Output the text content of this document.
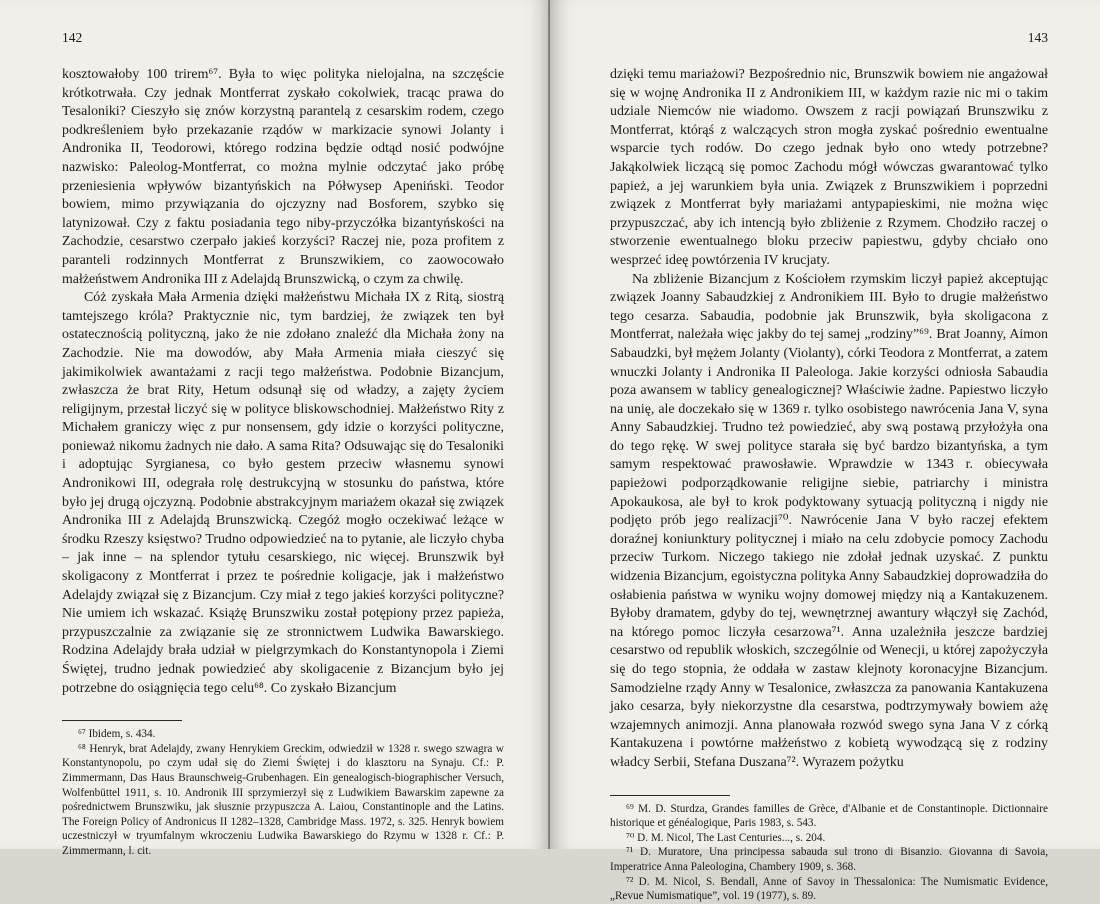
142

kosztowałoby 100 trirem⁶⁷. Była to więc polityka nielojalna, na szczęście krótkotrwała. Czy jednak Montferrat zyskało cokolwiek, tracąc prawa do Tesaloniki? Cieszyło się znów korzystną parantelą z cesarskim rodem, czego podkreśleniem było przekazanie rządów w markizacie synowi Jolanty i Andronika II, Teodorowi, którego rodzina będzie odtąd nosić podwójne nazwisko: Paleolog-Montferrat, co można mylnie odczytać jako próbę przeniesienia wpływów bizantyńskich na Półwysep Apeniński. Teodor bowiem, mimo przywiązania do ojczyzny nad Bosforem, szybko się latynizował. Czy z faktu posiadania tego niby-przyczółka bizantyńskości na Zachodzie, cesarstwo czerpało jakieś korzyści? Raczej nie, poza profitem z paranteli rodzinnych Montferrat z Brunszwikiem, co zaowocowało małżeństwem Andronika III z Adelajdą Brunszwicką, o czym za chwilę.

Cóż zyskała Mała Armenia dzięki małżeństwu Michała IX z Ritą, siostrą tamtejszego króla? Praktycznie nic, tym bardziej, że związek ten był ostatecznością polityczną, jako że nie zdołano znaleźć dla Michała żony na Zachodzie. Nie ma dowodów, aby Mała Armenia miała cieszyć się jakimikolwiek awantażami z racji tego małżeństwa. Podobnie Bizancjum, zwłaszcza że brat Rity, Hetum odsunął się od władzy, a zajęty życiem religijnym, przestał liczyć się w polityce bliskowschodniej. Małżeństwo Rity z Michałem graniczy więc z pur nonsensem, gdy idzie o korzyści polityczne, ponieważ nikomu żadnych nie dało. A sama Rita? Odsuwając się do Tesaloniki i adoptując Syrgianesa, co było gestem przeciw własnemu synowi Andronikowi III, odegrała rolę destrukcyjną w stosunku do państwa, które było jej drugą ojczyzną. Podobnie abstrakcyjnym mariażem okazał się związek Andronika III z Adelajdą Brunszwicką. Czegóż mogło oczekiwać leżące w środku Rzeszy księstwo? Trudno odpowiedzieć na to pytanie, ale liczyło chyba – jak inne – na splendor tytułu cesarskiego, nic więcej. Brunszwik był skoligacony z Montferrat i przez te pośrednie koligacje, jak i małżeństwo Adelajdy związał się z Bizancjum. Czy miał z tego jakieś korzyści polityczne? Nie umiem ich wskazać. Książę Brunszwiku został potępiony przez papieża, przypuszczalnie za związanie się ze stronnictwem Ludwika Bawarskiego. Rodzina Adelajdy brała udział w pielgrzymkach do Konstantynopola i Ziemi Świętej, trudno jednak powiedzieć aby skoligacenie z Bizancjum było jej potrzebne do osiągnięcia tego celu⁶⁸. Co zyskało Bizancjum

⁶⁷ Ibidem, s. 434.

⁶⁸ Henryk, brat Adelajdy, zwany Henrykiem Greckim, odwiedził w 1328 r. swego szwagra w Konstantynopolu, po czym udał się do Ziemi Świętej i do klasztoru na Synaju. Cf.: P. Zimmermann, Das Haus Braunschweig-Grubenhagen. Ein genealogisch-biographischer Versuch, Wolfenbüttel 1911, s. 10. Andronik III sprzymierzył się z Ludwikiem Bawarskim zapewne za pośrednictwem Brunszwiku, jak słusznie przypuszcza A. Laiou, Constantinople and the Latins. The Foreign Policy of Andronicus II 1282–1328, Cambridge Mass. 1972, s. 325. Henryk bowiem uczestniczył w tryumfalnym wkroczeniu Ludwika Bawarskiego do Rzymu w 1328 r. Cf.: P. Zimmermann, l. cit.

143

dzięki temu mariażowi? Bezpośrednio nic, Brunszwik bowiem nie angażował się w wojnę Andronika II z Andronikiem III, w każdym razie nic mi o takim udziale Niemców nie wiadomo. Owszem z racji powiązań Brunszwiku z Montferrat, którąś z walczących stron mogła zyskać pośrednio ewentualne wsparcie tych rodów. Do czego jednak było ono wtedy potrzebne? Jakąkolwiek liczącą się pomoc Zachodu mógł wówczas gwarantować tylko papież, a jej warunkiem była unia. Związek z Brunszwikiem i poprzedni związek z Montferrat były mariażami antypapieskimi, nie można więc przypuszczać, aby ich intencją było zbliżenie z Rzymem. Chodziło raczej o stworzenie ewentualnego bloku przeciw papiestwu, gdyby chciało ono wesprzeć ideę powtórzenia IV krucjaty.

Na zbliżenie Bizancjum z Kościołem rzymskim liczył papież akceptując związek Joanny Sabaudzkiej z Andronikiem III. Było to drugie małżeństwo tego cesarza. Sabaudia, podobnie jak Brunszwik, była skoligacona z Montferrat, należała więc jakby do tej samej „rodziny”⁶⁹. Brat Joanny, Aimon Sabaudzki, był mężem Jolanty (Violanty), córki Teodora z Montferrat, a zatem wnuczki Jolanty i Andronika II Paleologa. Jakie korzyści odniosła Sabaudia poza awansem w tablicy genealogicznej? Właściwie żadne. Papiestwo liczyło na unię, ale doczekało się w 1369 r. tylko osobistego nawrócenia Jana V, syna Anny Sabaudzkiej. Trudno też powiedzieć, aby swą postawą przyłożyła ona do tego rękę. W swej polityce starała się być bardzo bizantyńska, a tym samym respektować prawosławie. Wprawdzie w 1343 r. obiecywała papieżowi podporządkowanie religijne siebie, patriarchy i ministra Apokaukosa, ale był to krok podyktowany sytuacją polityczną i nigdy nie podjęto prób jego realizacji⁷⁰. Nawrócenie Jana V było raczej efektem doraźnej koniunktury politycznej i miało na celu zdobycie pomocy Zachodu przeciw Turkom. Niczego takiego nie zdołał jednak uzyskać. Z punktu widzenia Bizancjum, egoistyczna polityka Anny Sabaudzkiej doprowadziła do osłabienia państwa w wyniku wojny domowej między nią a Kantakuzenem. Byłoby dramatem, gdyby do tej, wewnętrznej awantury włączył się Zachód, na którego pomoc liczyła cesarzowa⁷¹. Anna uzależniła jeszcze bardziej cesarstwo od republik włoskich, szczególnie od Wenecji, u której zapożyczyła się do tego stopnia, że oddała w zastaw klejnoty koronacyjne Bizancjum. Samodzielne rządy Anny w Tesalonice, zwłaszcza za panowania Kantakuzena jako cesarza, były niekorzystne dla cesarstwa, podtrzymywały bowiem ażę wzajemnych animozji. Anna planowała rozwód swego syna Jana V z córką Kantakuzena i powtórne małżeństwo z kobietą wywodzącą się z rodziny władcy Serbii, Stefana Duszana⁷². Wyrazem pożytku

⁶⁹ M. D. Sturdza, Grandes familles de Grèce, d'Albanie et de Constantinople. Dictionnaire historique et généalogique, Paris 1983, s. 543.

⁷⁰ D. M. Nicol, The Last Centuries..., s. 204.

⁷¹ D. Muratore, Una principessa sabauda sul trono di Bisanzio. Giovanna di Savoia, Imperatrice Anna Paleologina, Chambery 1909, s. 368.

⁷² D. M. Nicol, S. Bendall, Anne of Savoy in Thessalonica: The Numismatic Evidence, „Revue Numismatique”, vol. 19 (1977), s. 89.
